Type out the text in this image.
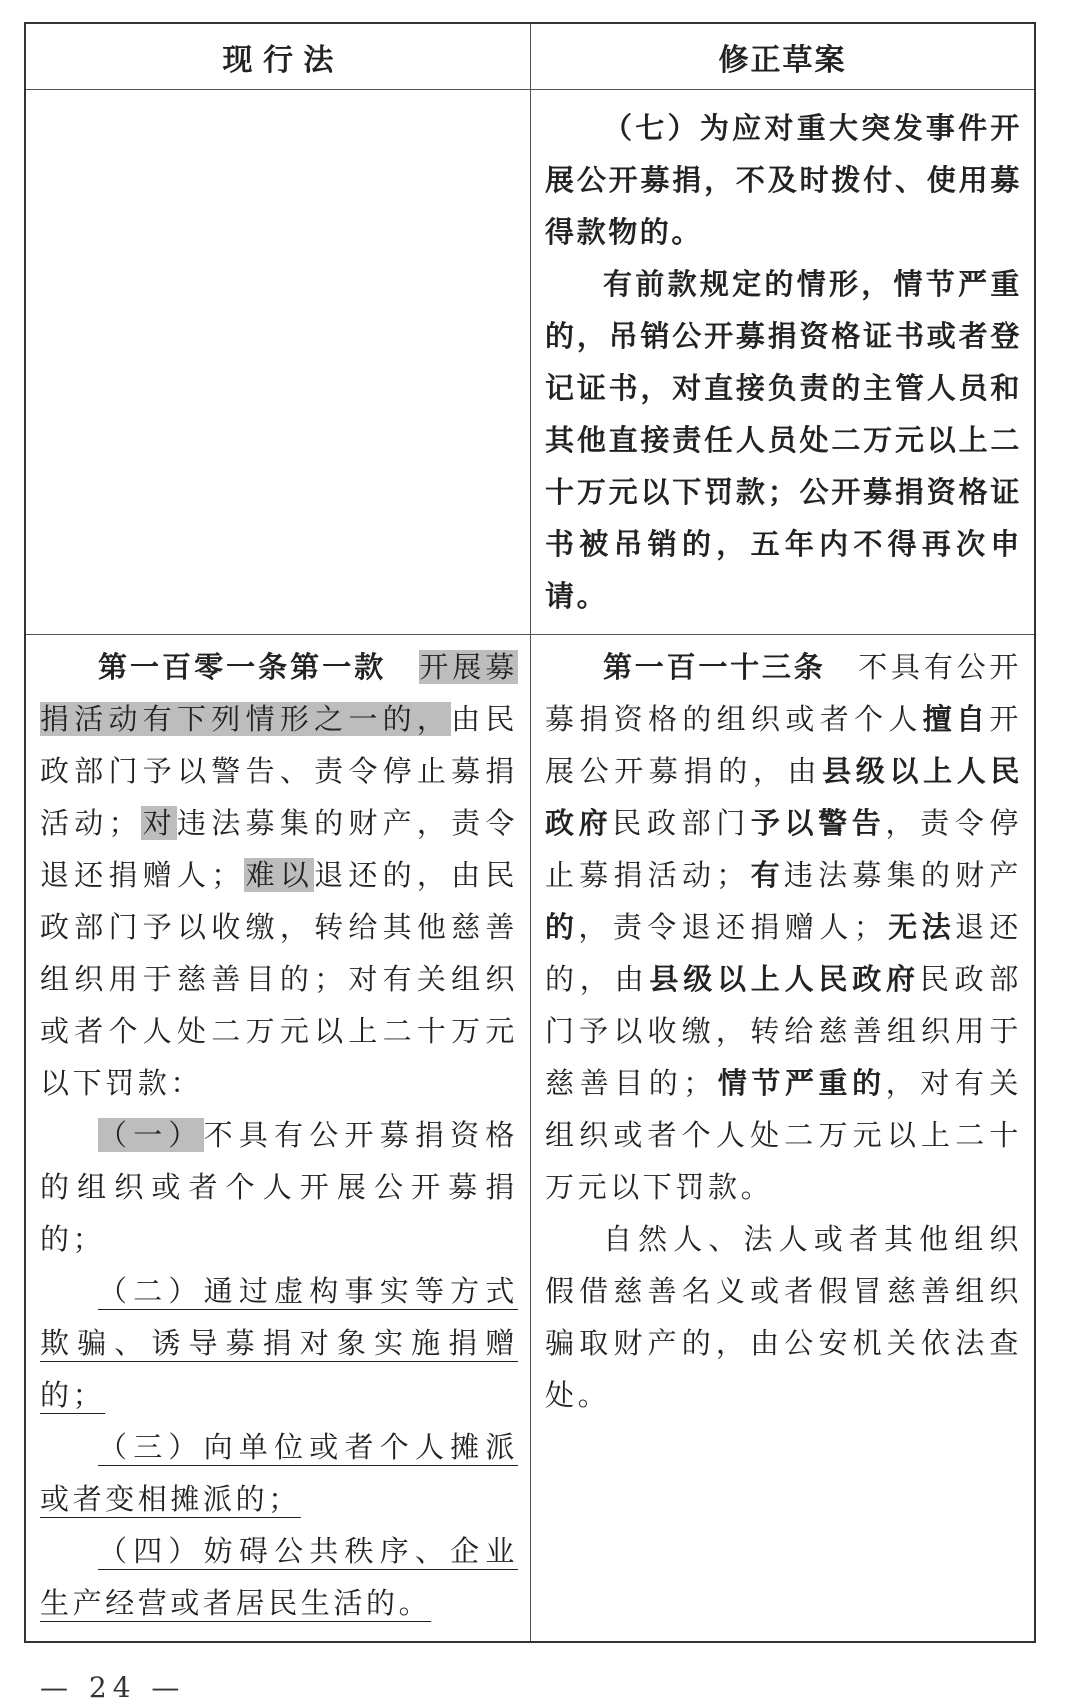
现 行 法	修正草案

（七）为应对重大突发事件开展公开募捐，不及时拨付、使用募得款物的。

有前款规定的情形，情节严重的，吊销公开募捐资格证书或者登记证书，对直接负责的主管人员和其他直接责任人员处二万元以上二十万元以下罚款；公开募捐资格证书被吊销的，五年内不得再次申请。

第一百零一条第一款　 开展募捐活动有下列情形之一的，由民政部门予以警告、责令停止募捐活动；对违法募集的财产，责令退还捐赠人；难以退还的，由民政部门予以收缴，转给其他慈善组织用于慈善目的；对有关组织或者个人处二万元以上二十万元以下罚款：

（一）不具有公开募捐资格的组织或者个人开展公开募捐的；

（二）通过虚构事实等方式欺骗、诱导募捐对象实施捐赠的；

（三）向单位或者个人摊派或者变相摊派的；

（四）妨碍公共秩序、企业生产经营或者居民生活的。

第一百一十三条　不具有公开募捐资格的组织或者个人擅自开展公开募捐的，由县级以上人民政府民政部门予以警告，责令停止募捐活动；有违法募集的财产的，责令退还捐赠人；无法退还的，由县级以上人民政府民政部门予以收缴，转给慈善组织用于慈善目的；情节严重的，对有关组织或者个人处二万元以上二十万元以下罚款。

自然人、法人或者其他组织假借慈善名义或者假冒慈善组织骗取财产的，由公安机关依法查处。

— 24 —
